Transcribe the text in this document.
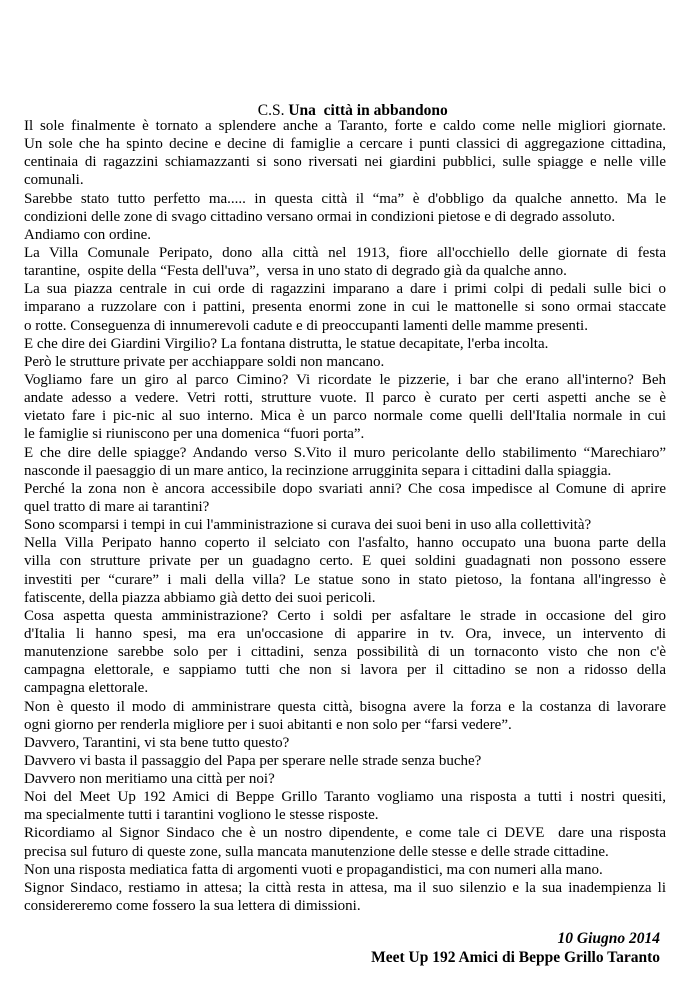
C.S. Una  città in abbandono

Il sole finalmente è tornato a splendere anche a Taranto, forte e caldo come nelle migliori giornate.
Un sole che ha spinto decine e decine di famiglie a cercare i punti classici di aggregazione cittadina,
centinaia di ragazzini schiamazzanti si sono riversati nei giardini pubblici, sulle spiagge e nelle ville
comunali.
Sarebbe stato tutto perfetto ma..... in questa città il “ma” è d'obbligo da qualche annetto. Ma le
condizioni delle zone di svago cittadino versano ormai in condizioni pietose e di degrado assoluto.
Andiamo con ordine.
La Villa Comunale Peripato, dono alla città nel 1913, fiore all'occhiello delle giornate di festa
tarantine,  ospite della “Festa dell'uva”,  versa in uno stato di degrado già da qualche anno.
La sua piazza centrale in cui orde di ragazzini imparano a dare i primi colpi di pedali sulle bici o
imparano a ruzzolare con i pattini, presenta enormi zone in cui le mattonelle si sono ormai staccate
o rotte. Conseguenza di innumerevoli cadute e di preoccupanti lamenti delle mamme presenti.
E che dire dei Giardini Virgilio? La fontana distrutta, le statue decapitate, l'erba incolta.
Però le strutture private per acchiappare soldi non mancano.
Vogliamo fare un giro al parco Cimino? Vi ricordate le pizzerie, i bar che erano all'interno? Beh
andate adesso a vedere. Vetri rotti, strutture vuote. Il parco è curato per certi aspetti anche se è
vietato fare i pic-nic al suo interno. Mica è un parco normale come quelli dell'Italia normale in cui
le famiglie si riuniscono per una domenica “fuori porta”.
E che dire delle spiagge? Andando verso S.Vito il muro pericolante dello stabilimento “Marechiaro”
nasconde il paesaggio di un mare antico, la recinzione arrugginita separa i cittadini dalla spiaggia.
Perché la zona non è ancora accessibile dopo svariati anni? Che cosa impedisce al Comune di aprire
quel tratto di mare ai tarantini?
Sono scomparsi i tempi in cui l'amministrazione si curava dei suoi beni in uso alla collettività?
Nella Villa Peripato hanno coperto il selciato con l'asfalto, hanno occupato una buona parte della
villa con strutture private per un guadagno certo. E quei soldini guadagnati non possono essere
investiti per “curare” i mali della villa? Le statue sono in stato pietoso, la fontana all'ingresso è
fatiscente, della piazza abbiamo già detto dei suoi pericoli.
Cosa aspetta questa amministrazione? Certo i soldi per asfaltare le strade in occasione del giro
d'Italia li hanno spesi, ma era un'occasione di apparire in tv. Ora, invece, un intervento di
manutenzione sarebbe solo per i cittadini, senza possibilità di un tornaconto visto che non c'è
campagna elettorale, e sappiamo tutti che non si lavora per il cittadino se non a ridosso della
campagna elettorale.
Non è questo il modo di amministrare questa città, bisogna avere la forza e la costanza di lavorare
ogni giorno per renderla migliore per i suoi abitanti e non solo per “farsi vedere”.
Davvero, Tarantini, vi sta bene tutto questo?
Davvero vi basta il passaggio del Papa per sperare nelle strade senza buche?
Davvero non meritiamo una città per noi?
Noi del Meet Up 192 Amici di Beppe Grillo Taranto vogliamo una risposta a tutti i nostri quesiti,
ma specialmente tutti i tarantini vogliono le stesse risposte.
Ricordiamo al Signor Sindaco che è un nostro dipendente, e come tale ci DEVE  dare una risposta
precisa sul futuro di queste zone, sulla mancata manutenzione delle stesse e delle strade cittadine.
Non una risposta mediatica fatta di argomenti vuoti e propagandistici, ma con numeri alla mano.
Signor Sindaco, restiamo in attesa; la città resta in attesa, ma il suo silenzio e la sua inadempienza li
considereremo come fossero la sua lettera di dimissioni.
10 Giugno 2014
Meet Up 192 Amici di Beppe Grillo Taranto
